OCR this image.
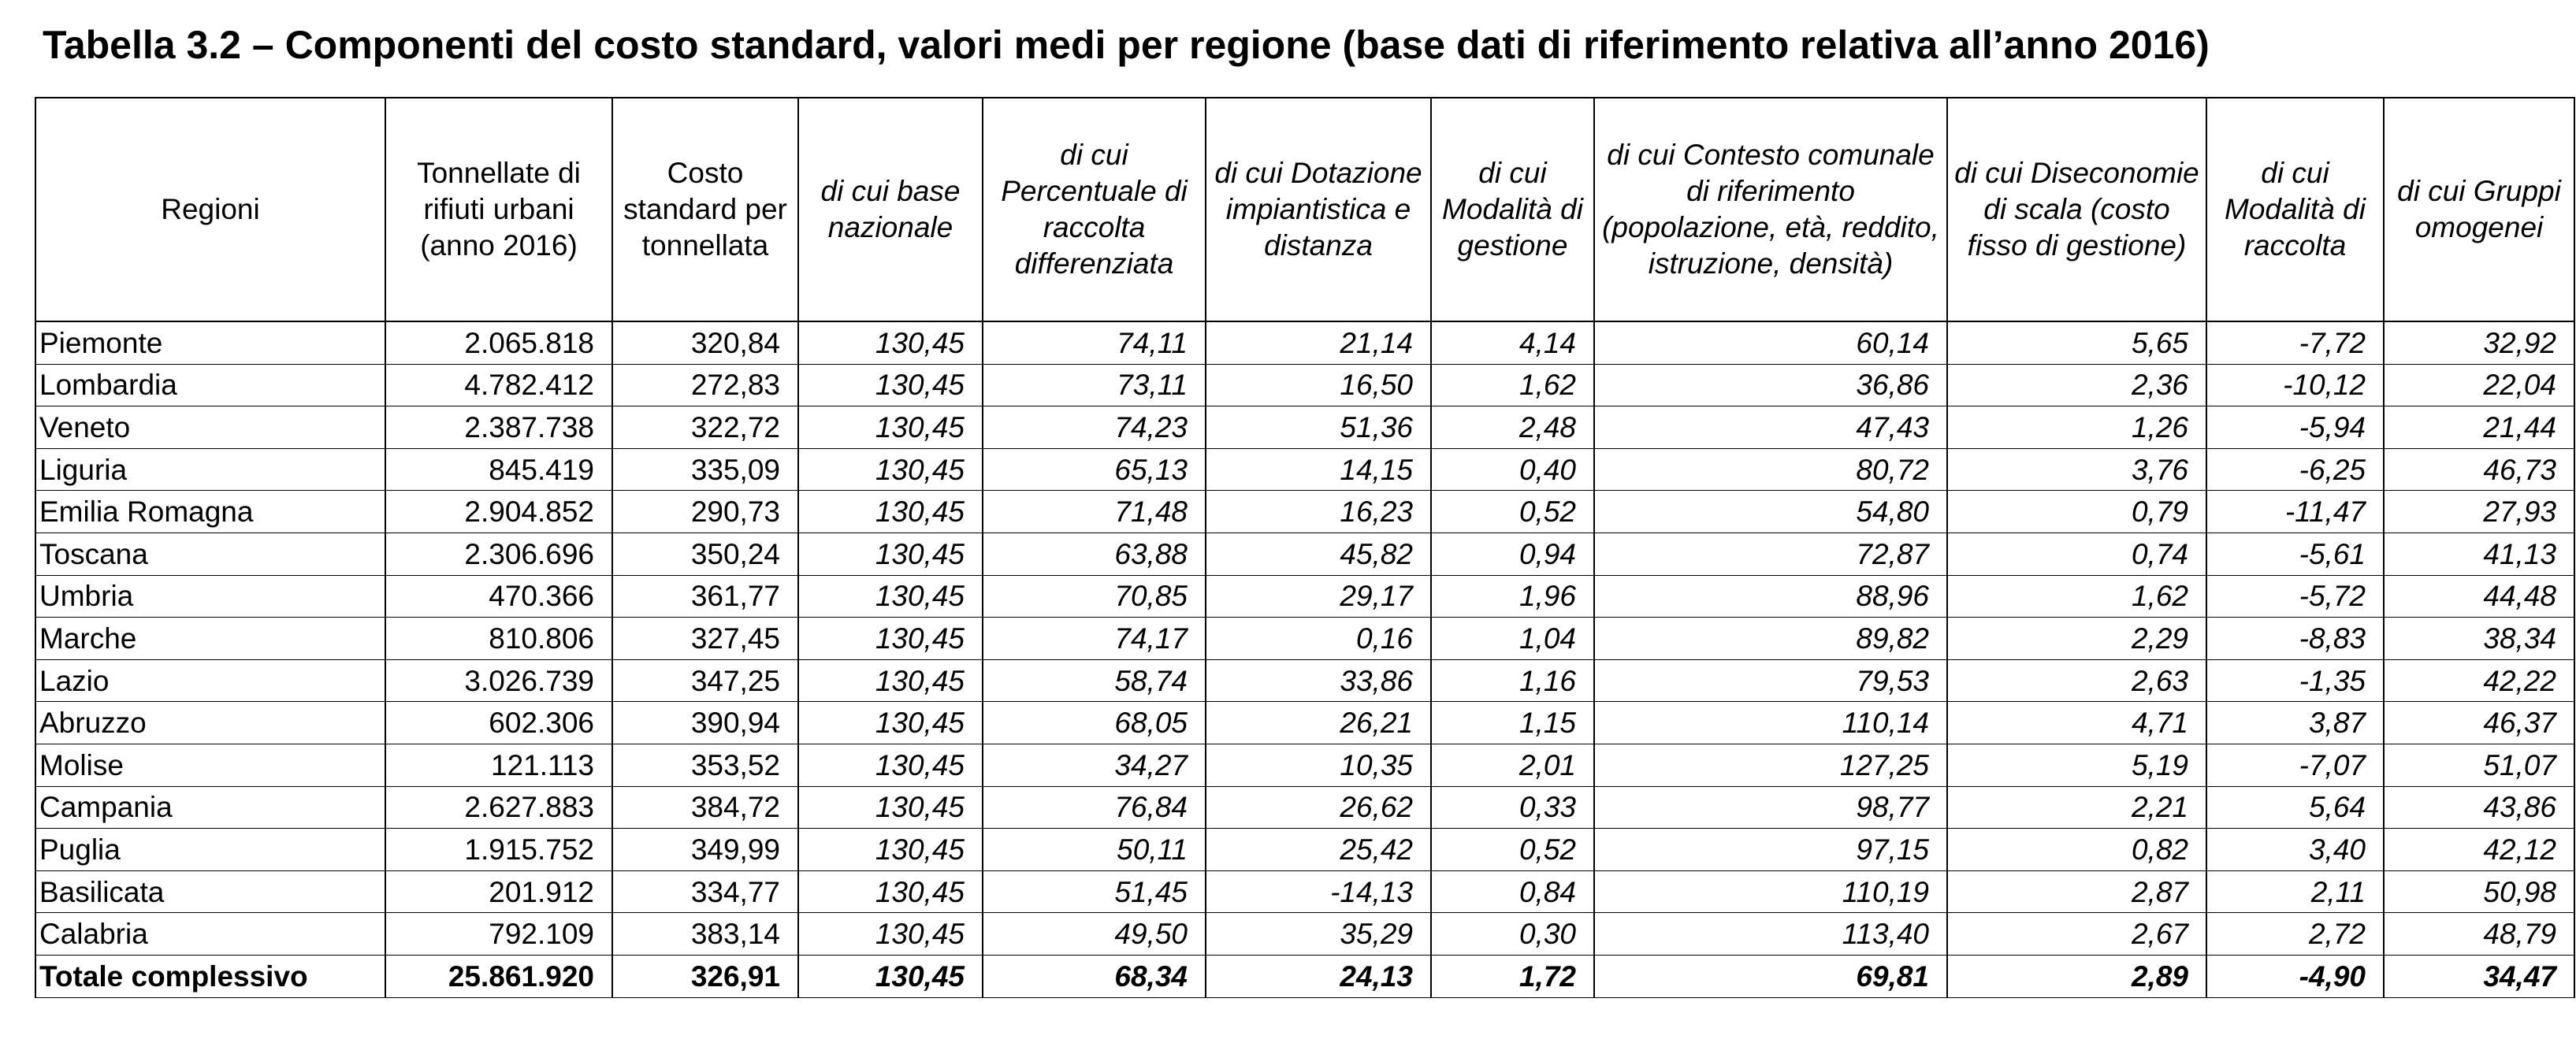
Tabella 3.2 – Componenti del costo standard, valori medi per regione (base dati di riferimento relativa all’anno 2016)
Regioni	Tonnellate di rifiuti urbani (anno 2016)	Costo standard per tonnellata	di cui base nazionale	di cui Percentuale di raccolta differenziata	di cui Dotazione impiantistica e distanza	di cui Modalità di gestione	di cui Contesto comunale di riferimento (popolazione, età, reddito, istruzione, densità)	di cui Diseconomie di scala (costo fisso di gestione)	di cui Modalità di raccolta	di cui Gruppi omogenei
Piemonte	2.065.818	320,84	130,45	74,11	21,14	4,14	60,14	5,65	-7,72	32,92
Lombardia	4.782.412	272,83	130,45	73,11	16,50	1,62	36,86	2,36	-10,12	22,04
Veneto	2.387.738	322,72	130,45	74,23	51,36	2,48	47,43	1,26	-5,94	21,44
Liguria	845.419	335,09	130,45	65,13	14,15	0,40	80,72	3,76	-6,25	46,73
Emilia Romagna	2.904.852	290,73	130,45	71,48	16,23	0,52	54,80	0,79	-11,47	27,93
Toscana	2.306.696	350,24	130,45	63,88	45,82	0,94	72,87	0,74	-5,61	41,13
Umbria	470.366	361,77	130,45	70,85	29,17	1,96	88,96	1,62	-5,72	44,48
Marche	810.806	327,45	130,45	74,17	0,16	1,04	89,82	2,29	-8,83	38,34
Lazio	3.026.739	347,25	130,45	58,74	33,86	1,16	79,53	2,63	-1,35	42,22
Abruzzo	602.306	390,94	130,45	68,05	26,21	1,15	110,14	4,71	3,87	46,37
Molise	121.113	353,52	130,45	34,27	10,35	2,01	127,25	5,19	-7,07	51,07
Campania	2.627.883	384,72	130,45	76,84	26,62	0,33	98,77	2,21	5,64	43,86
Puglia	1.915.752	349,99	130,45	50,11	25,42	0,52	97,15	0,82	3,40	42,12
Basilicata	201.912	334,77	130,45	51,45	-14,13	0,84	110,19	2,87	2,11	50,98
Calabria	792.109	383,14	130,45	49,50	35,29	0,30	113,40	2,67	2,72	48,79
Totale complessivo	25.861.920	326,91	130,45	68,34	24,13	1,72	69,81	2,89	-4,90	34,47
